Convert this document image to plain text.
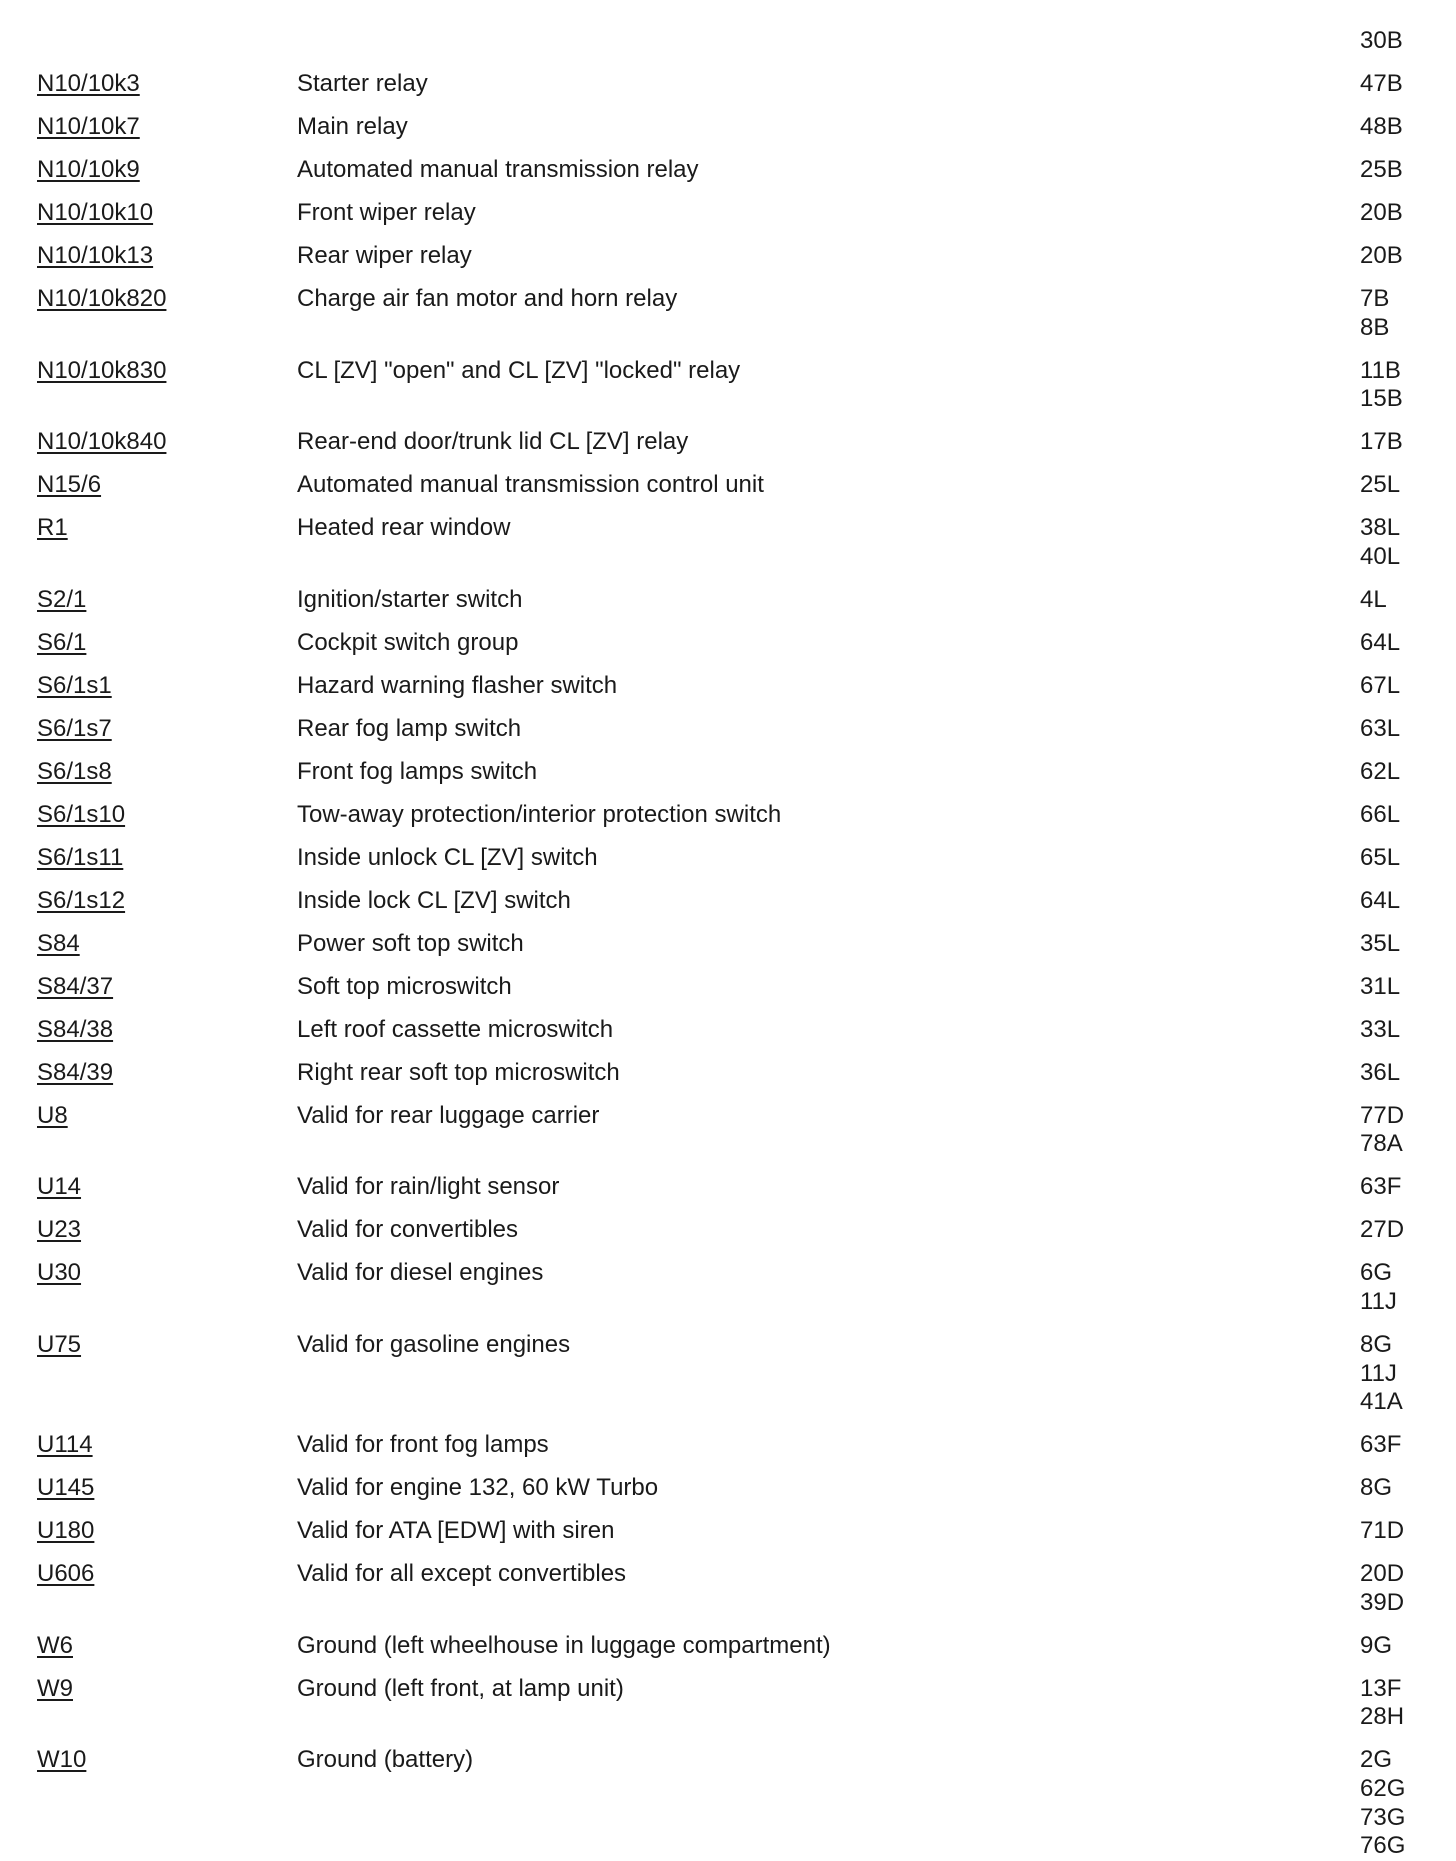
30B
N10/10k3	Starter relay	47B
N10/10k7	Main relay	48B
N10/10k9	Automated manual transmission relay	25B
N10/10k10	Front wiper relay	20B
N10/10k13	Rear wiper relay	20B
N10/10k820	Charge air fan motor and horn relay	7B
8B
N10/10k830	CL [ZV] "open" and CL [ZV] "locked" relay	11B
15B
N10/10k840	Rear-end door/trunk lid CL [ZV] relay	17B
N15/6	Automated manual transmission control unit	25L
R1	Heated rear window	38L
40L
S2/1	Ignition/starter switch	4L
S6/1	Cockpit switch group	64L
S6/1s1	Hazard warning flasher switch	67L
S6/1s7	Rear fog lamp switch	63L
S6/1s8	Front fog lamps switch	62L
S6/1s10	Tow-away protection/interior protection switch	66L
S6/1s11	Inside unlock CL [ZV] switch	65L
S6/1s12	Inside lock CL [ZV] switch	64L
S84	Power soft top switch	35L
S84/37	Soft top microswitch	31L
S84/38	Left roof cassette microswitch	33L
S84/39	Right rear soft top microswitch	36L
U8	Valid for rear luggage carrier	77D
78A
U14	Valid for rain/light sensor	63F
U23	Valid for convertibles	27D
U30	Valid for diesel engines	6G
11J
U75	Valid for gasoline engines	8G
11J
41A
U114	Valid for front fog lamps	63F
U145	Valid for engine 132, 60 kW Turbo	8G
U180	Valid for ATA [EDW] with siren	71D
U606	Valid for all except convertibles	20D
39D
W6	Ground (left wheelhouse in luggage compartment)	9G
W9	Ground (left front, at lamp unit)	13F
28H
W10	Ground (battery)	2G
62G
73G
76G
